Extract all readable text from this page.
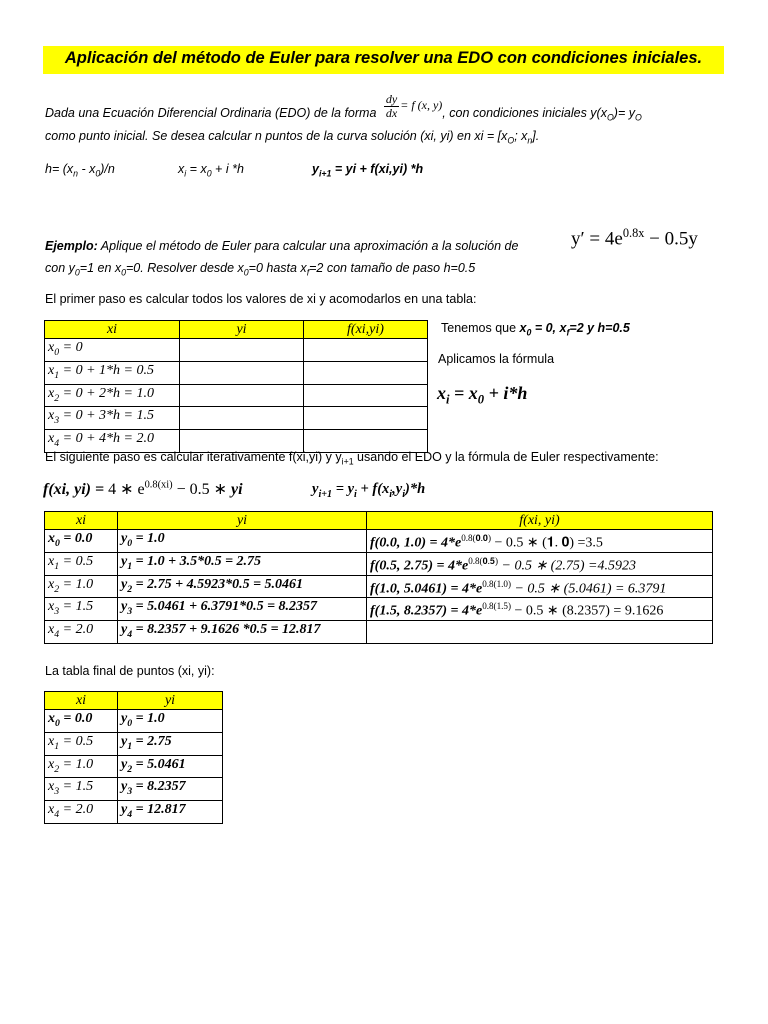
Aplicación del método de Euler para resolver una EDO con condiciones iniciales.
Dada una Ecuación Diferencial Ordinaria (EDO) de la forma $\frac{dy}{dx} = f$ (x, y), con condiciones iniciales $y(x_O)= y_O$
como punto inicial. Se desea calcular n puntos de la curva solución (xi, yi) en xi = [$x_O$; $x_n$].
$h= (x_n - x_0)/n$	$x_i = x_0 + i$ *h	$y_{i+1}$ = yi + f(xi,yi) *h
Ejemplo: Aplique el método de Euler para calcular una aproximación a la solución de	$y' = 4e^{0.8x} - 0.5y$
con $y_0=1$ en $x_0=0$. Resolver desde $x_0=0$ hasta $x_f=2$ con tamaño de paso h=0.5
El primer paso es calcular todos los valores de xi y acomodarlos en una tabla:
xi	yi	f(xi,yi)
$x_0 = 0$		
$x_1 = 0 + 1*h = 0.5$		
$x_2 = 0 + 2*h = 1.0$		
$x_3 = 0 + 3*h = 1.5$		
$x_4 = 0 + 4*h = 2.0$		
Tenemos que $x_0 = 0$, $x_f=2$ y h=0.5
Aplicamos la fórmula
$x_i = x_0 + i*h$
El siguiente paso es calcular iterativamente f(xi,yi) y $y_{i+1}$ usando el EDO y la fórmula de Euler respectivamente:
f(xi, yi) = 4 ∗ $e^{0.8(xi)} - 0.5$ ∗ yi	$y_{i+1} = y_i + f(x_i,y_i)*h$
xi	yi	f(xi, yi)
$x_0 = 0.0$	$y_0 = 1.0$	f(0.0, $1.0) = 4*e^{0.8(𝟎.𝟎)} - 0.5$ ∗ (𝟏. 𝟎) =3.5
$x_1 = 0.5$	$y_1 = 1.0 + 3.5*0.5 = 2.75$	f(0.5, $2.75) = 4*e^{0.8(𝟎.𝟓)} - 0.5$ ∗ (2.75) =4.5923
$x_2 = 1.0$	$y_2 = 2.75 + 4.5923*0.5 = 5.0461$	f(1.0, $5.0461) = 4*e^{0.8(1.0)} - 0.5$ ∗ (5.0461) = 6.3791
$x_3 = 1.5$	$y_3 = 5.0461 + 6.3791*0.5 = 8.2357$	f(1.5, $8.2357) = 4*e^{0.8(1.5)} - 0.5$ ∗ (8.2357) = 9.1626
$x_4 = 2.0$	$y_4 = 8.2357 + 9.1626$ *0.5 = 12.817	
La tabla final de puntos (xi, yi):
xi	yi
$x_0 = 0.0$	$y_0 = 1.0$
$x_1 = 0.5$	$y_1 = 2.75$
$x_2 = 1.0$	$y_2 = 5.0461$
$x_3 = 1.5$	$y_3 = 8.2357$
$x_4 = 2.0$	$y_4 = 12.817$
